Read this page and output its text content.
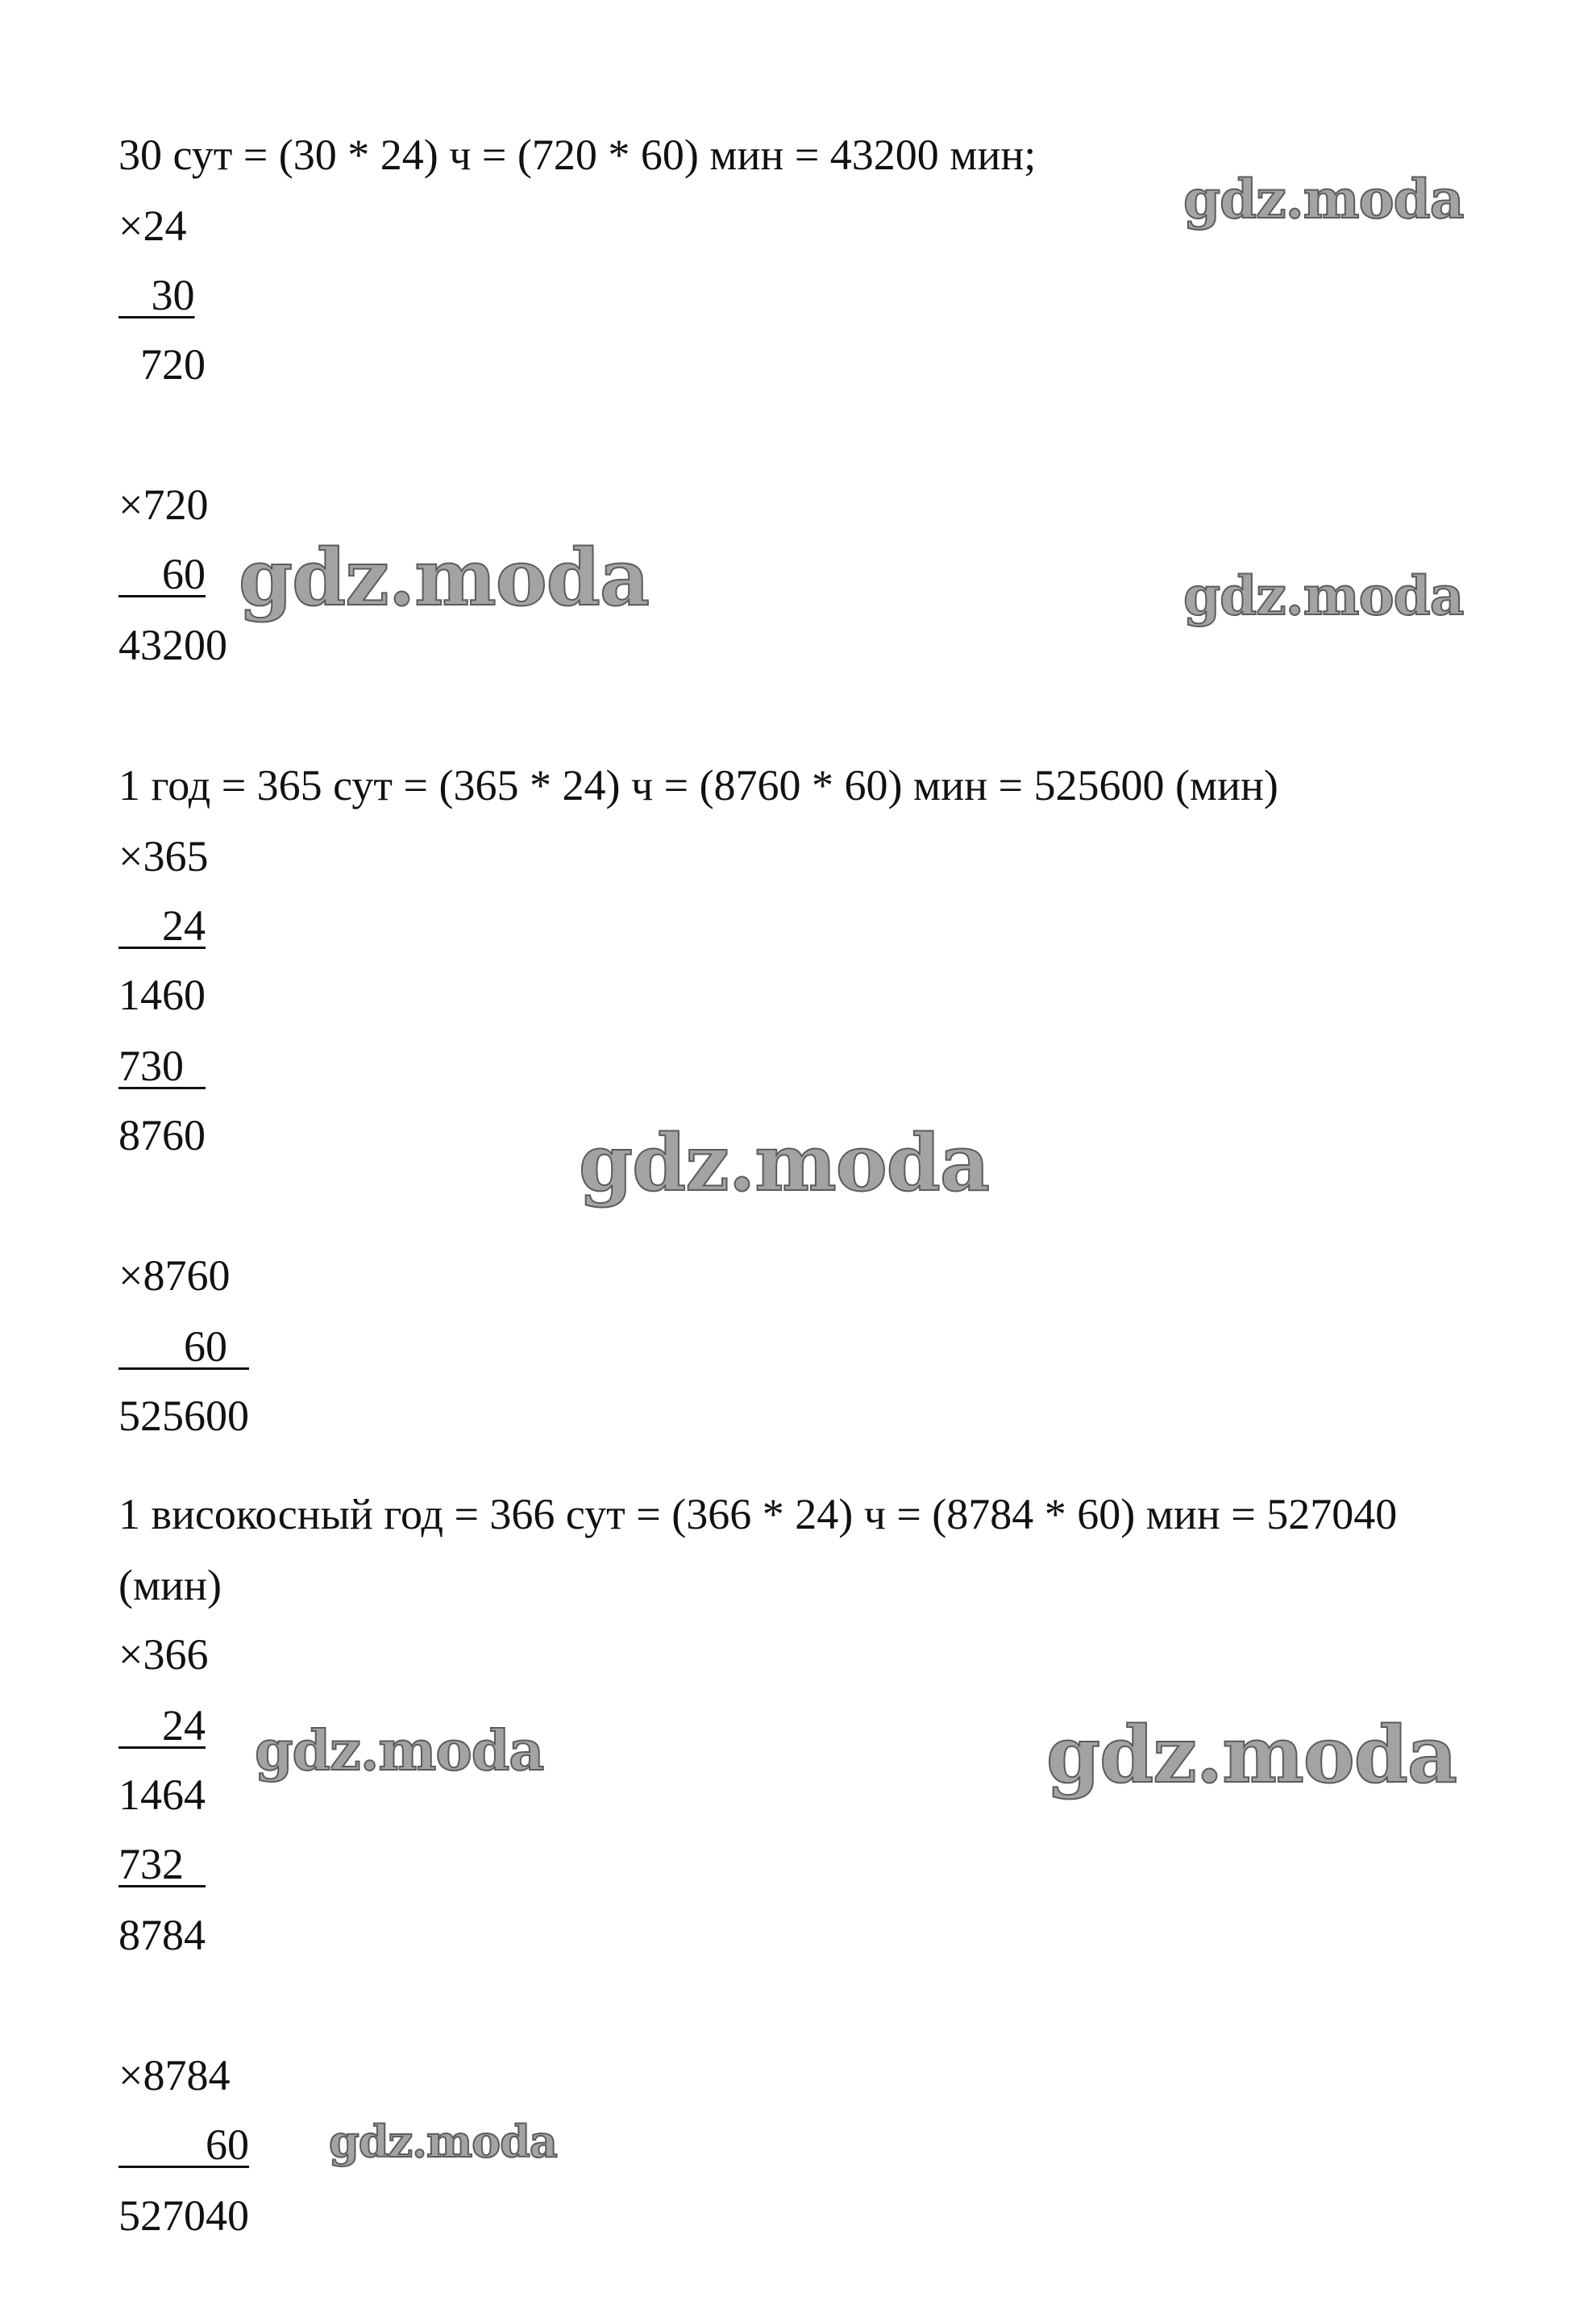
30 сут = (30 * 24) ч = (720 * 60) мин = 43200 мин;
×24
30
720
×720
60
43200
1 год = 365 сут = (365 * 24) ч = (8760 * 60) мин = 525600 (мин)
×365
24
1460
730
8760
×8760
60
525600
1 високосный год = 366 сут = (366 * 24) ч = (8784 * 60) мин = 527040
(мин)
×366
24
1464
732
8784
×8784
60
527040
gdz.moda
gdz.moda	gdz.moda
gdz.moda
gdz.moda	gdz.moda
gdz.moda
